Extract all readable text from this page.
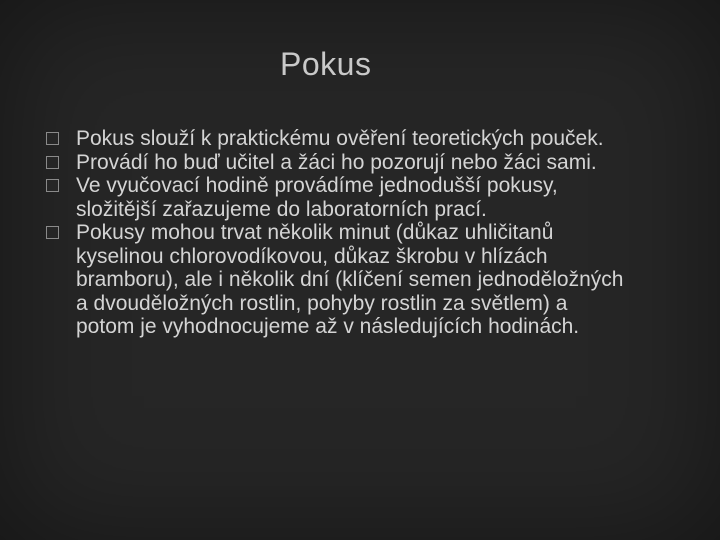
Pokus
Pokus slouží k praktickému ověření teoretických pouček.
Provádí ho buď učitel a žáci ho pozorují nebo žáci sami.
Ve vyučovací hodině provádíme jednodušší pokusy, složitější zařazujeme do laboratorních prací.
Pokusy mohou trvat několik minut (důkaz uhličitanů kyselinou chlorovodíkovou, důkaz škrobu v hlízách bramboru), ale i několik dní (klíčení semen jednoděložných a dvouděložných rostlin, pohyby rostlin za světlem) a potom je vyhodnocujeme až v následujících hodinách.
